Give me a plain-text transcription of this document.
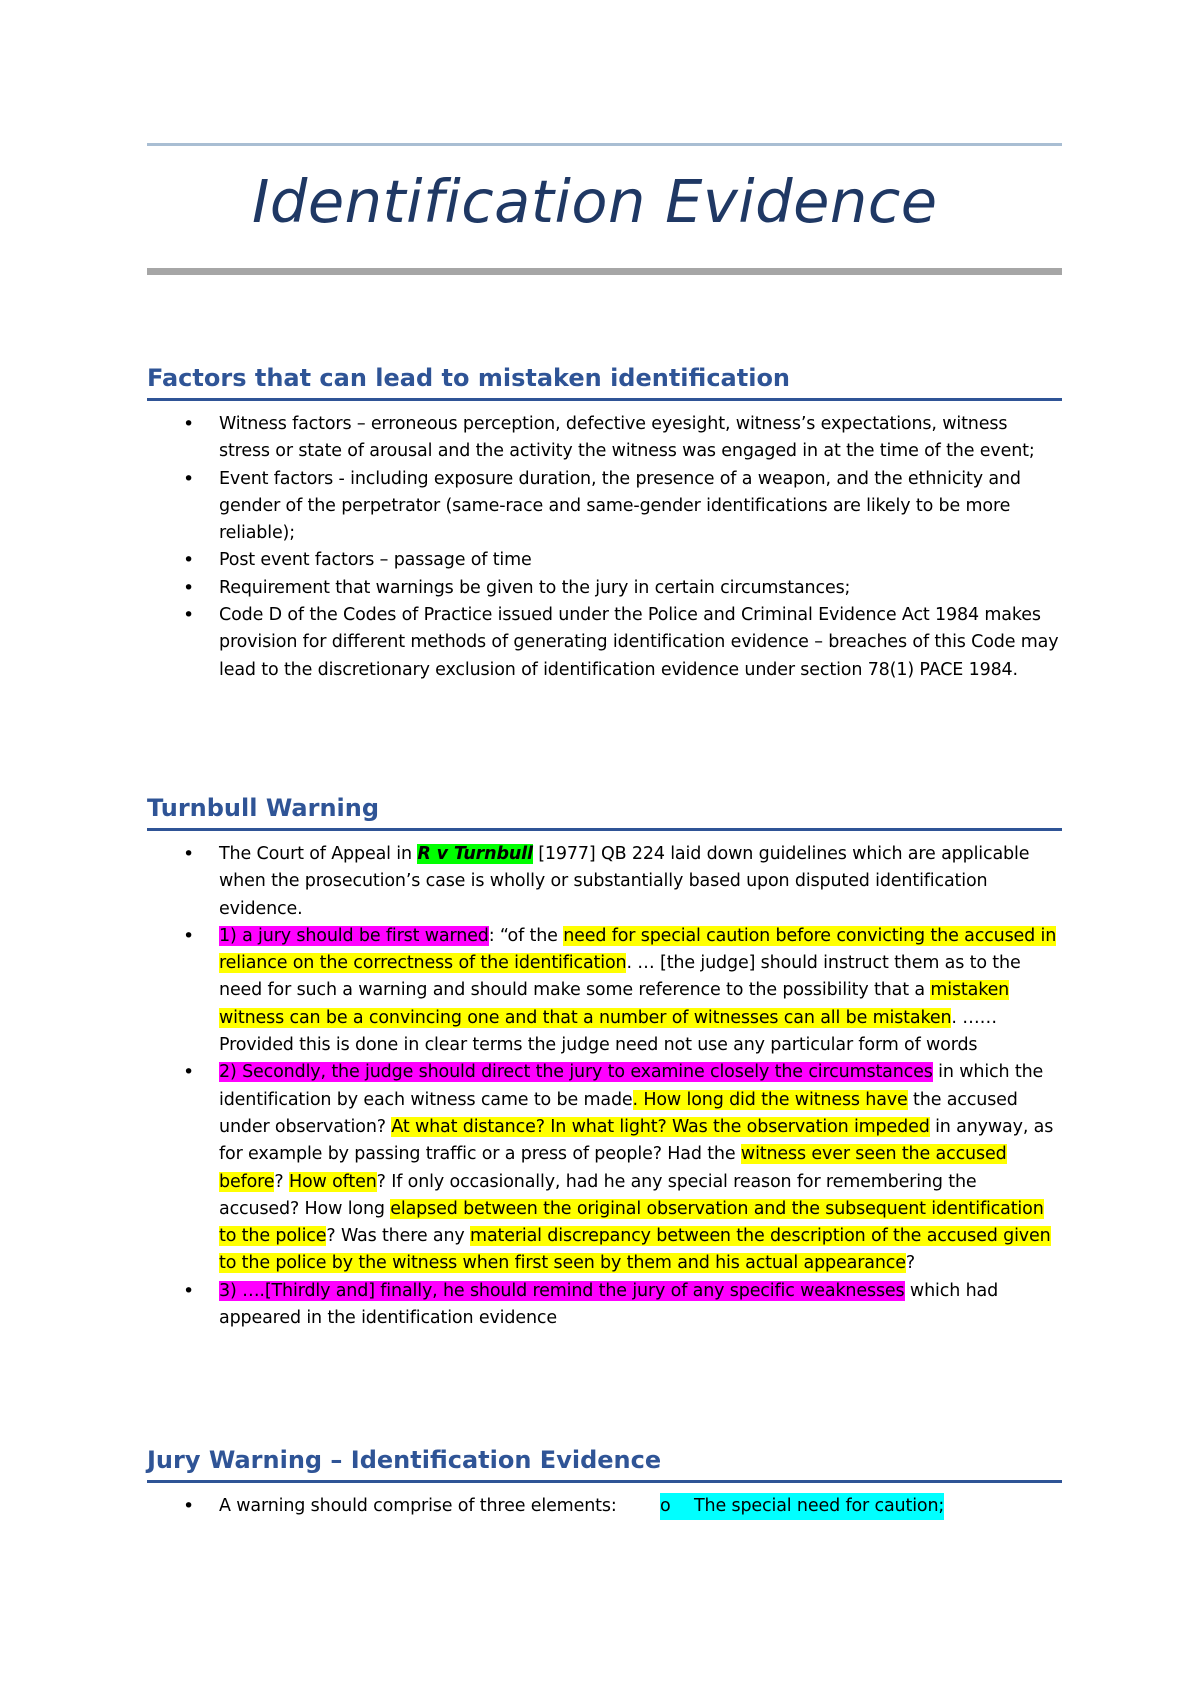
Identification Evidence
Factors that can lead to mistaken identification
• Witness factors – erroneous perception, defective eyesight, witness’s expectations, witness stress or state of arousal and the activity the witness was engaged in at the time of the event;
• Event factors - including exposure duration, the presence of a weapon, and the ethnicity and gender of the perpetrator (same-race and same-gender identifications are likely to be more reliable);
• Post event factors – passage of time
• Requirement that warnings be given to the jury in certain circumstances;
• Code D of the Codes of Practice issued under the Police and Criminal Evidence Act 1984 makes provision for different methods of generating identification evidence – breaches of this Code may lead to the discretionary exclusion of identification evidence under section 78(1) PACE 1984.
Turnbull Warning
• The Court of Appeal in R v Turnbull [1977] QB 224 laid down guidelines which are applicable when the prosecution’s case is wholly or substantially based upon disputed identification evidence.
• 1) a jury should be first warned: “of the need for special caution before convicting the accused in reliance on the correctness of the identification. … [the judge] should instruct them as to the need for such a warning and should make some reference to the possibility that a mistaken witness can be a convincing one and that a number of witnesses can all be mistaken. ……Provided this is done in clear terms the judge need not use any particular form of words
• 2) Secondly, the judge should direct the jury to examine closely the circumstances in which the identification by each witness came to be made. How long did the witness have the accused under observation? At what distance? In what light? Was the observation impeded in anyway, as for example by passing traffic or a press of people? Had the witness ever seen the accused before? How often? If only occasionally, had he any special reason for remembering the accused? How long elapsed between the original observation and the subsequent identification to the police? Was there any material discrepancy between the description of the accused given to the police by the witness when first seen by them and his actual appearance?
• 3) ….[Thirdly and] finally, he should remind the jury of any specific weaknesses which had appeared in the identification evidence
Jury Warning – Identification Evidence
• A warning should comprise of three elements: o The special need for caution;
